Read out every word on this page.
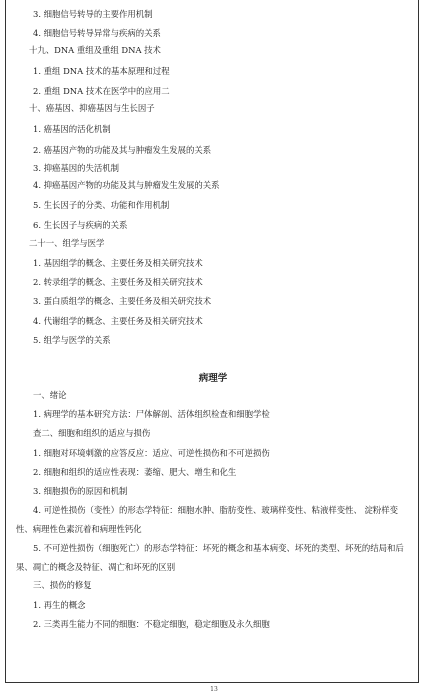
3. 细胞信号转导的主要作用机制
4. 细胞信号转导异常与疾病的关系
十九、DNA 重组及重组 DNA 技术
1. 重组 DNA 技术的基本原理和过程
2. 重组 DNA 技术在医学中的应用二
十、癌基因、抑癌基因与生长因子
1. 癌基因的活化机制
2. 癌基因产物的功能及其与肿瘤发生发展的关系
3. 抑癌基因的失活机制
4. 抑癌基因产物的功能及其与肿瘤发生发展的关系
5. 生长因子的分类、功能和作用机制
6. 生长因子与疾病的关系
二十一、组学与医学
1. 基因组学的概念、主要任务及相关研究技术
2. 转录组学的概念、主要任务及相关研究技术
3. 蛋白质组学的概念、主要任务及相关研究技术
4. 代谢组学的概念、主要任务及相关研究技术
5. 组学与医学的关系
病理学
一、绪论
1. 病理学的基本研究方法：尸体解剖、活体组织检查和细胞学检
查二、细胞和组织的适应与损伤
1. 细胞对环境刺激的应答反应：适应、可逆性损伤和不可逆损伤
2. 细胞和组织的适应性表现：萎缩、肥大、增生和化生
3. 细胞损伤的原因和机制
4. 可逆性损伤（变性）的形态学特征：细胞水肿、脂肪变性、玻璃样变性、粘液样变性、 淀粉样变性、病理性色素沉着和病理性钙化
5. 不可逆性损伤（细胞死亡）的形态学特征：坏死的概念和基本病变、坏死的类型、坏死的结局和后果、凋亡的概念及特征、凋亡和坏死的区别
三、损伤的修复
1. 再生的概念
2. 三类再生能力不同的细胞：不稳定细胞，稳定细胞及永久细胞
13
